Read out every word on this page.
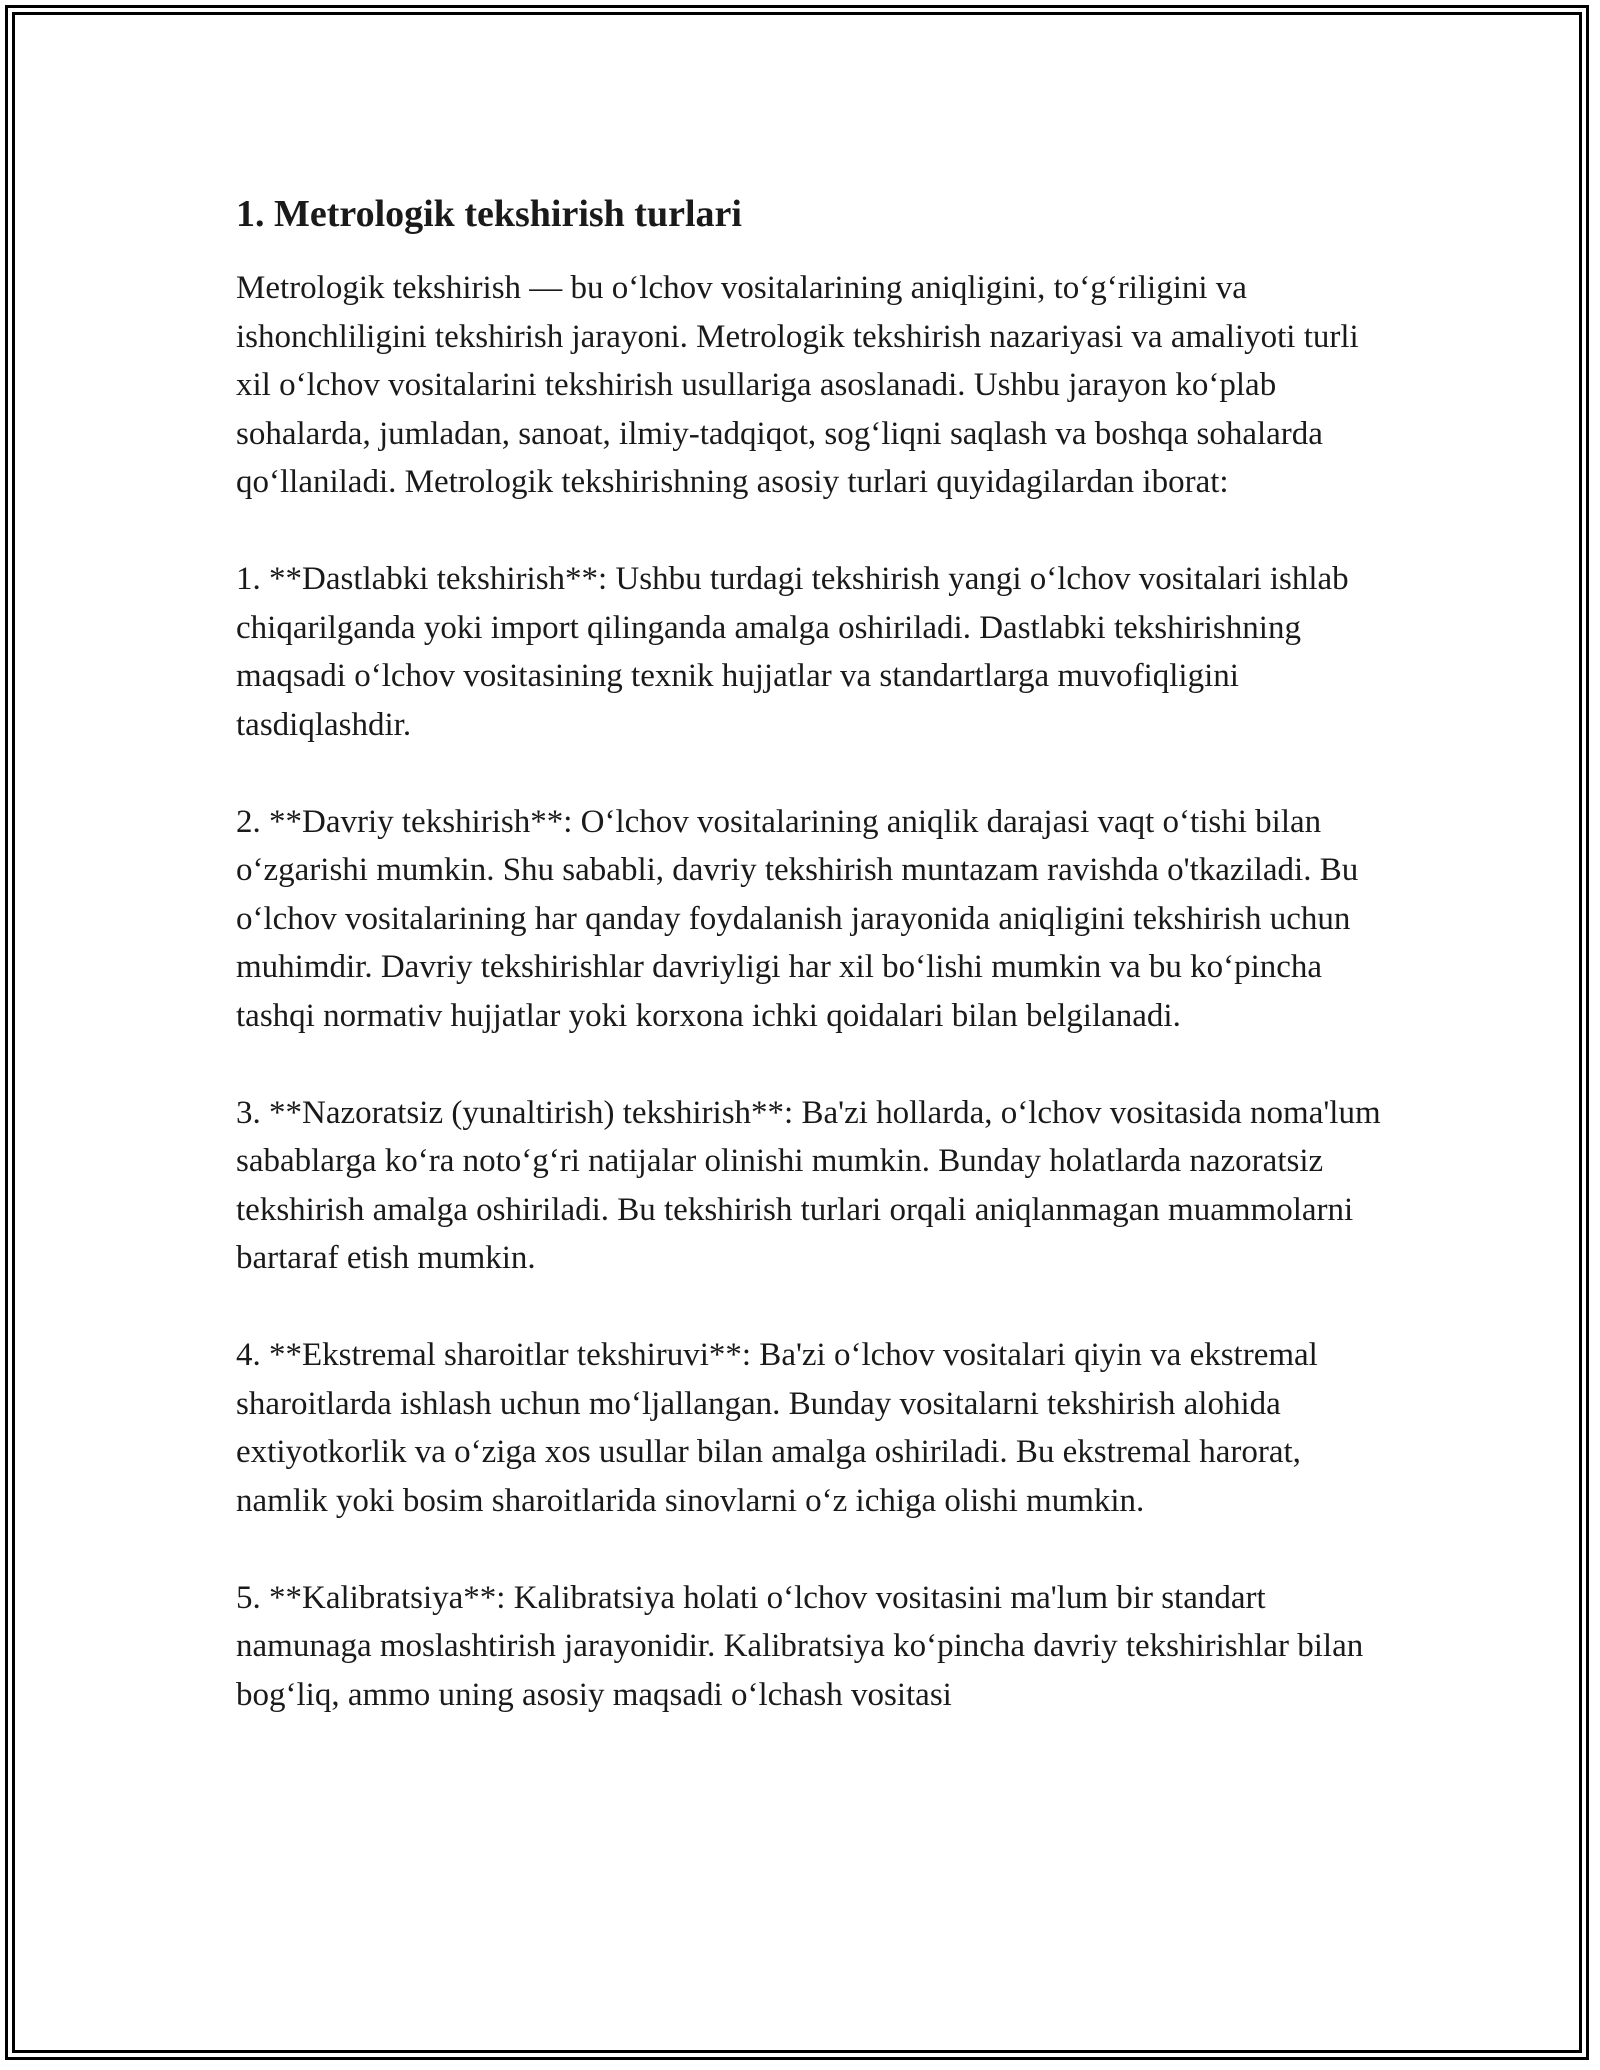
1. Metrologik tekshirish turlari

Metrologik tekshirish — bu o‘lchov vositalarining aniqligini, to‘g‘riligini va ishonchliligini tekshirish jarayoni. Metrologik tekshirish nazariyasi va amaliyoti turli xil o‘lchov vositalarini tekshirish usullariga asoslanadi. Ushbu jarayon ko‘plab sohalarda, jumladan, sanoat, ilmiy-tadqiqot, sog‘liqni saqlash va boshqa sohalarda qo‘llaniladi. Metrologik tekshirishning asosiy turlari quyidagilardan iborat:

1. **Dastlabki tekshirish**: Ushbu turdagi tekshirish yangi o‘lchov vositalari ishlab chiqarilganda yoki import qilinganda amalga oshiriladi. Dastlabki tekshirishning maqsadi o‘lchov vositasining texnik hujjatlar va standartlarga muvofiqligini tasdiqlashdir.

2. **Davriy tekshirish**: O‘lchov vositalarining aniqlik darajasi vaqt o‘tishi bilan o‘zgarishi mumkin. Shu sababli, davriy tekshirish muntazam ravishda o'tkaziladi. Bu o‘lchov vositalarining har qanday foydalanish jarayonida aniqligini tekshirish uchun muhimdir. Davriy tekshirishlar davriyligi har xil bo‘lishi mumkin va bu ko‘pincha tashqi normativ hujjatlar yoki korxona ichki qoidalari bilan belgilanadi.

3. **Nazoratsiz (yunaltirish) tekshirish**: Ba'zi hollarda, o‘lchov vositasida noma'lum sabablarga ko‘ra noto‘g‘ri natijalar olinishi mumkin. Bunday holatlarda nazoratsiz tekshirish amalga oshiriladi. Bu tekshirish turlari orqali aniqlanmagan muammolarni bartaraf etish mumkin.

4. **Ekstremal sharoitlar tekshiruvi**: Ba'zi o‘lchov vositalari qiyin va ekstremal sharoitlarda ishlash uchun mo‘ljallangan. Bunday vositalarni tekshirish alohida extiyotkorlik va o‘ziga xos usullar bilan amalga oshiriladi. Bu ekstremal harorat, namlik yoki bosim sharoitlarida sinovlarni o‘z ichiga olishi mumkin.

5. **Kalibratsiya**: Kalibratsiya holati o‘lchov vositasini ma'lum bir standart namunaga moslashtirish jarayonidir. Kalibratsiya ko‘pincha davriy tekshirishlar bilan bog‘liq, ammo uning asosiy maqsadi o‘lchash vositasi
